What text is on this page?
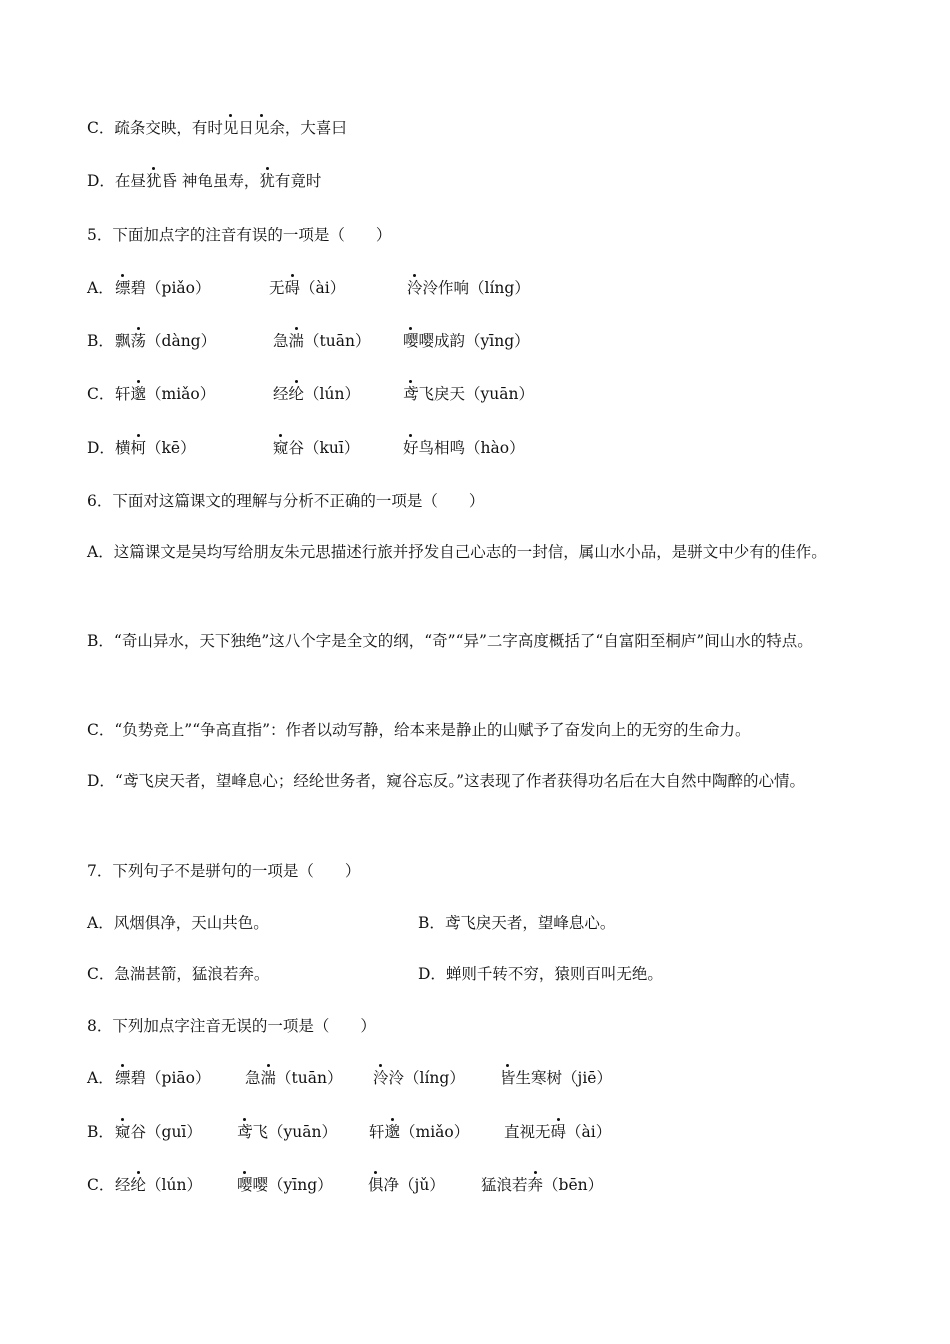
C．疏条交映，有时见日见余，大喜曰
D．在昼犹昏 神龟虽寿，犹有竟时
5．下面加点字的注音有误的一项是（　　）
A． 缥碧（piǎo）	无碍（ài）	泠泠作响（líng）
B． 飘荡（dàng）	急湍（tuān） 嘤嘤成韵（yīng）
C． 轩邈（miǎo）	经纶（lún）	鸢飞戾天（yuān）
D． 横柯（kē）	窥谷（kuī）	好鸟相鸣（hào）
6．下面对这篇课文的理解与分析不正确的一项是（　　）
A．这篇课文是吴均写给朋友朱元思描述行旅并抒发自己心志的一封信，属山水小品，是骈文中少有的佳作。
B．“奇山异水，天下独绝”这八个字是全文的纲，“奇”“异”二字高度概括了“自富阳至桐庐”间山水的特点。
C．“负势竞上”“争高直指”：作者以动写静，给本来是静止的山赋予了奋发向上的无穷的生命力。
D．“鸢飞戾天者，望峰息心；经纶世务者，窥谷忘反。”这表现了作者获得功名后在大自然中陶醉的心情。
7．下列句子不是骈句的一项是（　　）
A．风烟俱净，天山共色。	B．鸢飞戾天者，望峰息心。
C．急湍甚箭，猛浪若奔。	D．蝉则千转不穷，猿则百叫无绝。
8．下列加点字注音无误的一项是（　　）
A． 缥碧（piāo） 急湍（tuān） 泠泠（líng） 皆生寒树（jiē）
B． 窥谷（guī） 鸢飞（yuān） 轩邈（miǎo） 直视无碍（ài）
C． 经纶（lún） 嘤嘤（yīng） 俱净（jǔ） 猛浪若奔（bēn）
